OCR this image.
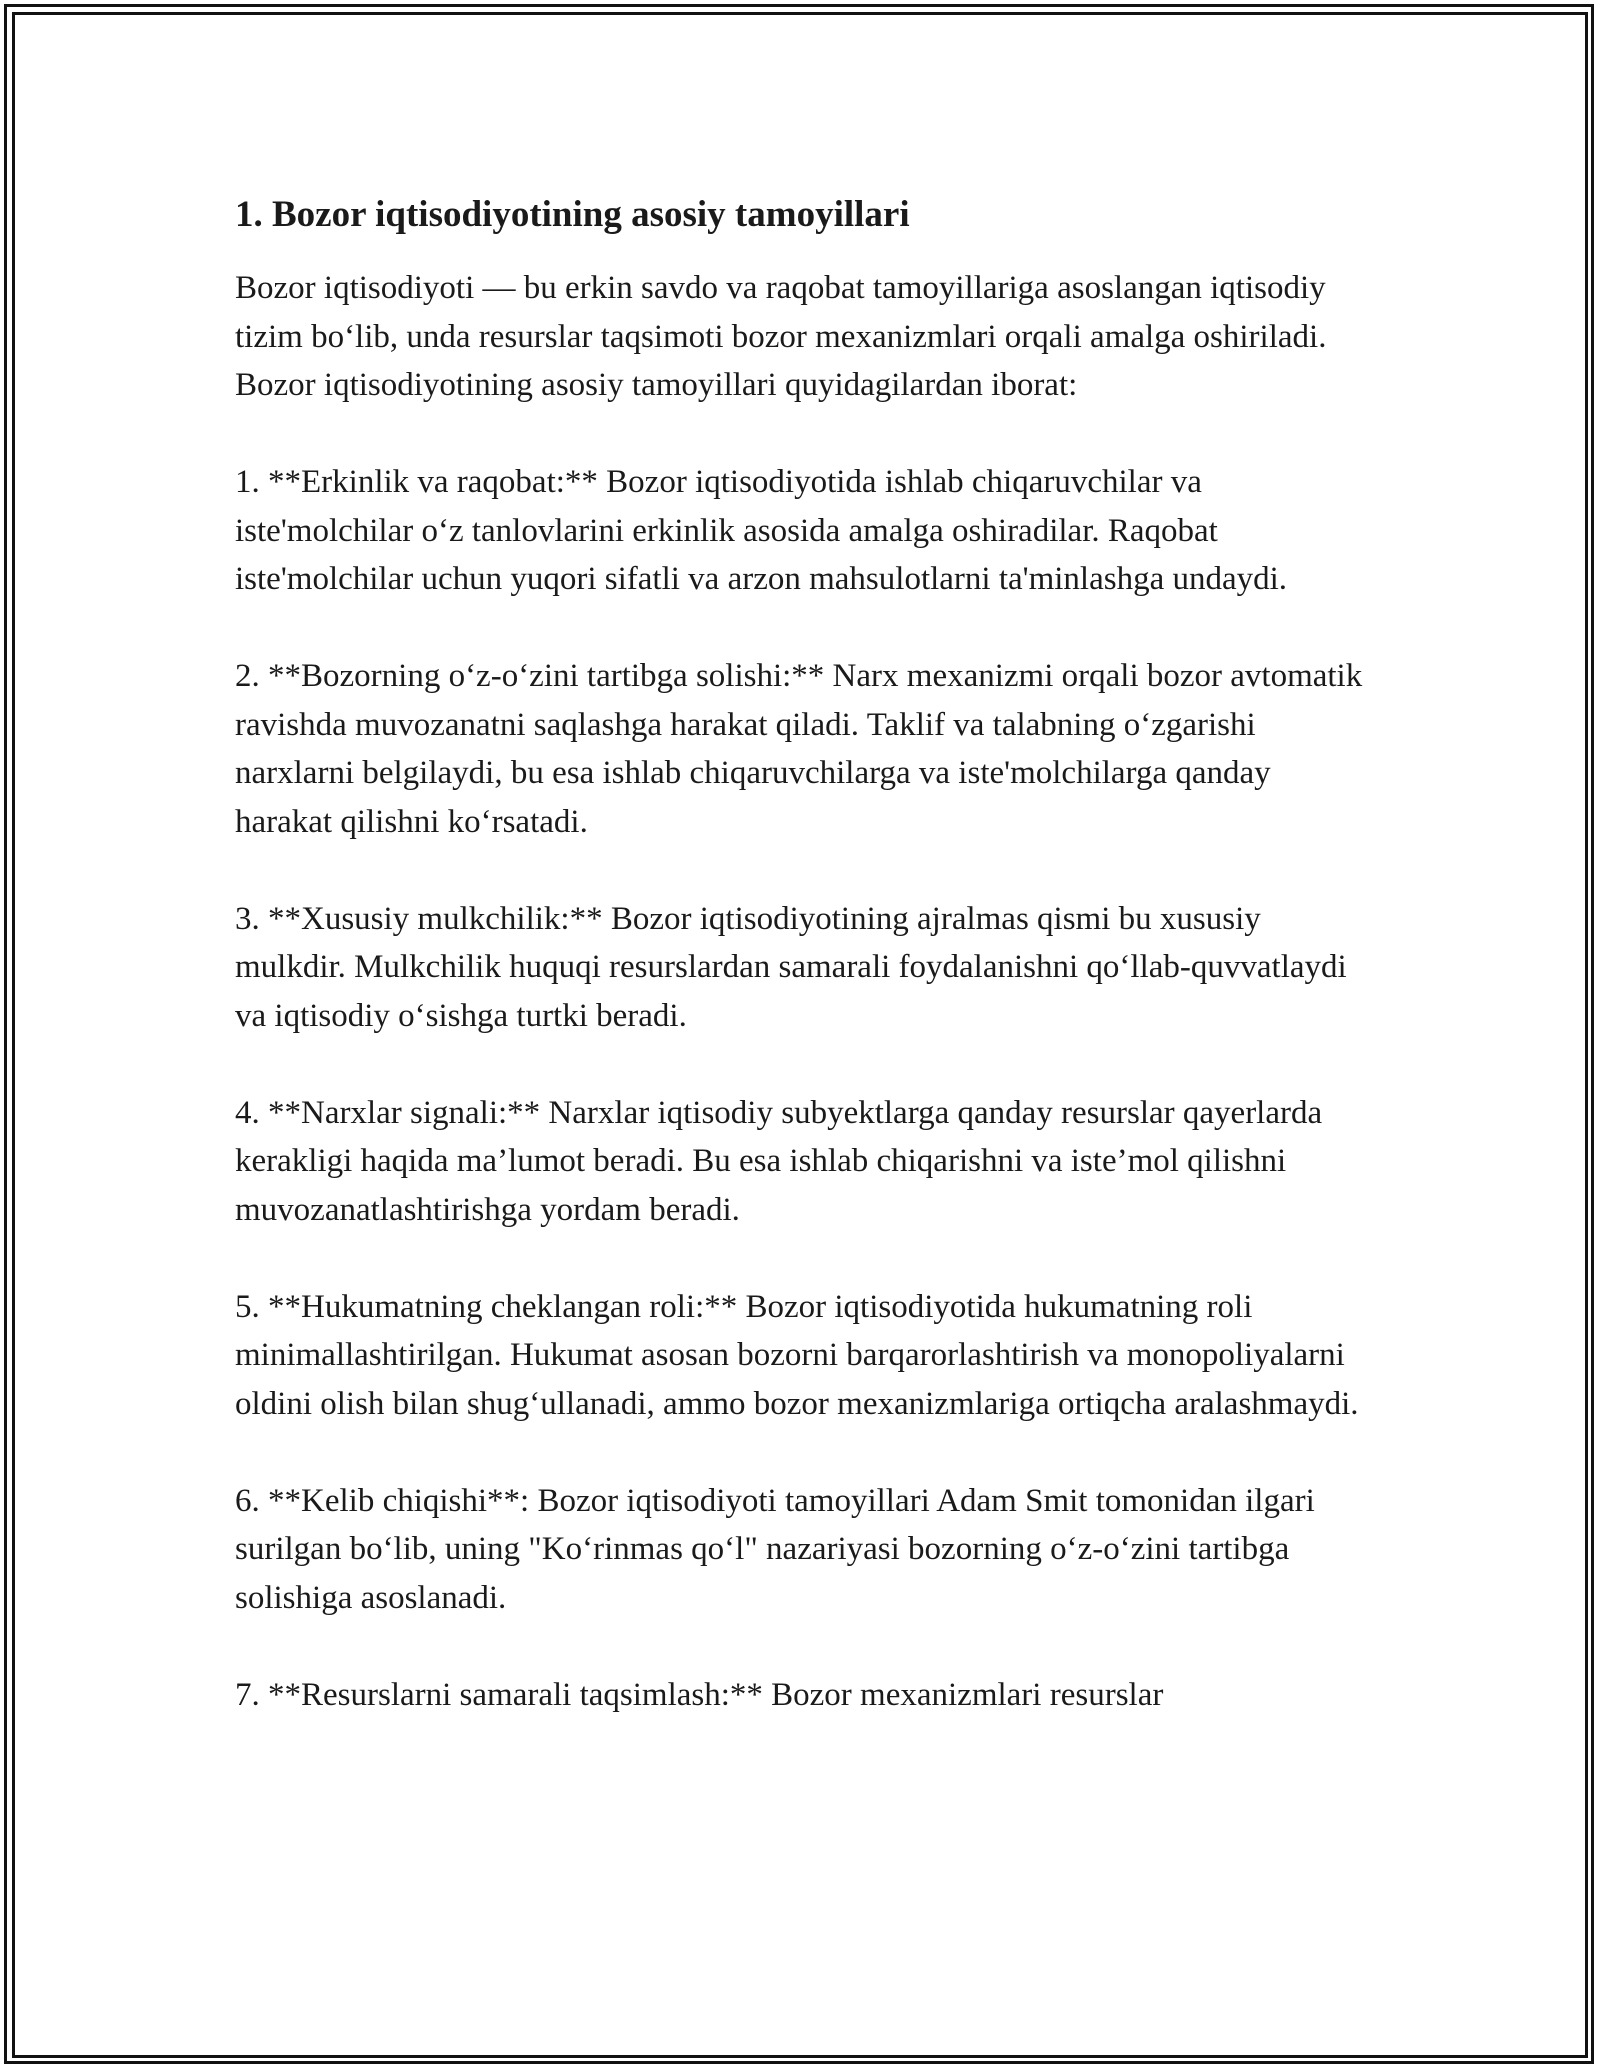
1. Bozor iqtisodiyotining asosiy tamoyillari

Bozor iqtisodiyoti — bu erkin savdo va raqobat tamoyillariga asoslangan iqtisodiy tizim bo‘lib, unda resurslar taqsimoti bozor mexanizmlari orqali amalga oshiriladi. Bozor iqtisodiyotining asosiy tamoyillari quyidagilardan iborat:

1. **Erkinlik va raqobat:** Bozor iqtisodiyotida ishlab chiqaruvchilar va iste'molchilar o‘z tanlovlarini erkinlik asosida amalga oshiradilar. Raqobat iste'molchilar uchun yuqori sifatli va arzon mahsulotlarni ta'minlashga undaydi.

2. **Bozorning o‘z-o‘zini tartibga solishi:** Narx mexanizmi orqali bozor avtomatik ravishda muvozanatni saqlashga harakat qiladi. Taklif va talabning o‘zgarishi narxlarni belgilaydi, bu esa ishlab chiqaruvchilarga va iste'molchilarga qanday harakat qilishni ko‘rsatadi.

3. **Xususiy mulkchilik:** Bozor iqtisodiyotining ajralmas qismi bu xususiy mulkdir. Mulkchilik huquqi resurslardan samarali foydalanishni qo‘llab-quvvatlaydi va iqtisodiy o‘sishga turtki beradi.

4. **Narxlar signali:** Narxlar iqtisodiy subyektlarga qanday resurslar qayerlarda kerakligi haqida ma’lumot beradi. Bu esa ishlab chiqarishni va iste’mol qilishni muvozanatlashtirishga yordam beradi.

5. **Hukumatning cheklangan roli:** Bozor iqtisodiyotida hukumatning roli minimallashtirilgan. Hukumat asosan bozorni barqarorlashtirish va monopoliyalarni oldini olish bilan shug‘ullanadi, ammo bozor mexanizmlariga ortiqcha aralashmaydi.

6. **Kelib chiqishi**: Bozor iqtisodiyoti tamoyillari Adam Smit tomonidan ilgari surilgan bo‘lib, uning "Ko‘rinmas qo‘l" nazariyasi bozorning o‘z-o‘zini tartibga solishiga asoslanadi.

7. **Resurslarni samarali taqsimlash:** Bozor mexanizmlari resurslar
